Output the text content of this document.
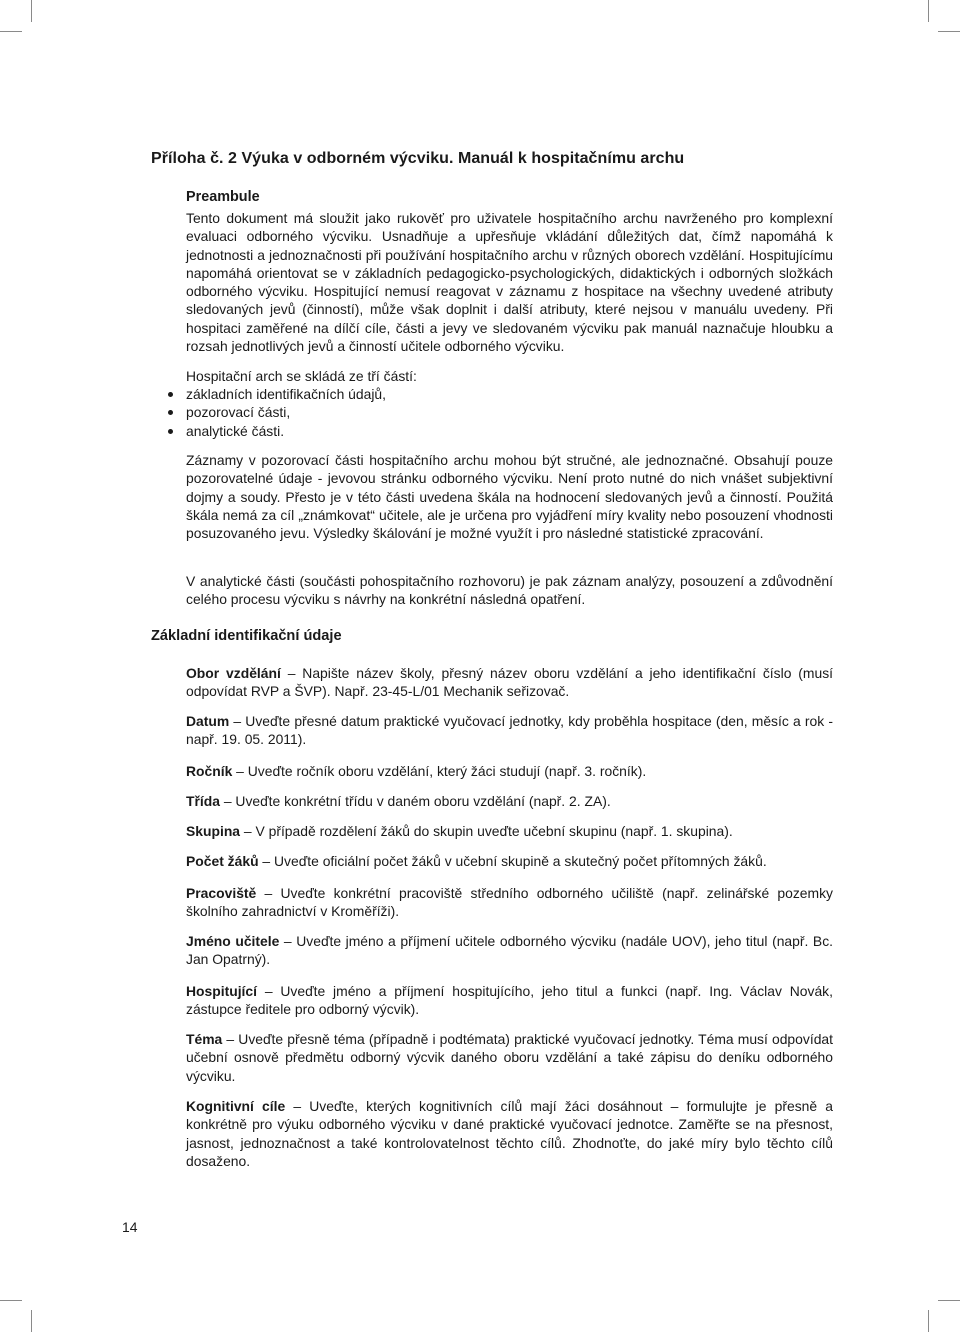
Příloha č. 2 Výuka v odborném výcviku. Manuál k hospitačnímu archu
Preambule

Tento dokument má sloužit jako rukověť pro uživatele hospitačního archu navrženého pro komplexní evaluaci odborného výcviku. Usnadňuje a upřesňuje vkládání důležitých dat, čímž napomáhá k jednotnosti a jednoznačnosti při používání hospitačního archu v různých oborech vzdělání. Hospitujícímu napomáhá orientovat se v základních pedagogicko-psychologických, didaktických i odborných složkách odborného výcviku. Hospitující nemusí reagovat v záznamu z hospitace na všechny uvedené atributy sledovaných jevů (činností), může však doplnit i další atributy, které nejsou v manuálu uvedeny. Při hospitaci zaměřené na dílčí cíle, části a jevy ve sledovaném výcviku pak manuál naznačuje hloubku a rozsah jednotlivých jevů a činností učitele odborného výcviku.

Hospitační arch se skládá ze tří částí:

základních identifikačních údajů,
pozorovací části,
analytické části.

Záznamy v pozorovací části hospitačního archu mohou být stručné, ale jednoznačné. Obsahují pouze pozorovatelné údaje - jevovou stránku odborného výcviku. Není proto nutné do nich vnášet subjektivní dojmy a soudy. Přesto je v této části uvedena škála na hodnocení sledovaných jevů a činností. Použitá škála nemá za cíl „známkovat“ učitele, ale je určena pro vyjádření míry kvality nebo posouzení vhodnosti posuzovaného jevu. Výsledky škálování je možné využít i pro následné statistické zpracování.

V analytické části (součásti pohospitačního rozhovoru) je pak záznam analýzy, posouzení a zdůvodnění celého procesu výcviku s návrhy na konkrétní následná opatření.

Základní identifikační údaje

Obor vzdělání – Napište název školy, přesný název oboru vzdělání a jeho identifikační číslo (musí odpovídat RVP a ŠVP). Např. 23-45-L/01 Mechanik seřizovač.

Datum – Uveďte přesné datum praktické vyučovací jednotky, kdy proběhla hospitace (den, měsíc a rok - např. 19. 05. 2011).

Ročník – Uveďte ročník oboru vzdělání, který žáci studují (např. 3. ročník).

Třída – Uveďte konkrétní třídu v daném oboru vzdělání (např. 2. ZA).

Skupina – V případě rozdělení žáků do skupin uveďte učební skupinu (např. 1. skupina).

Počet žáků – Uveďte oficiální počet žáků v učební skupině a skutečný počet přítomných žáků.

Pracoviště – Uveďte konkrétní pracoviště středního odborného učiliště (např. zelinářské pozemky školního zahradnictví v Kroměříži).

Jméno učitele – Uveďte jméno a příjmení učitele odborného výcviku (nadále UOV), jeho titul (např. Bc. Jan Opatrný).

Hospitující – Uveďte jméno a příjmení hospitujícího, jeho titul a funkci (např. Ing. Václav Novák, zástupce ředitele pro odborný výcvik).

Téma – Uveďte přesně téma (případně i podtémata) praktické vyučovací jednotky. Téma musí odpovídat učební osnově předmětu odborný výcvik daného oboru vzdělání a také zápisu do deníku odborného výcviku.

Kognitivní cíle – Uveďte, kterých kognitivních cílů mají žáci dosáhnout – formulujte je přesně a konkrétně pro výuku odborného výcviku v dané praktické vyučovací jednotce. Zaměřte se na přesnost, jasnost, jednoznačnost a také kontrolovatelnost těchto cílů. Zhodnoťte, do jaké míry bylo těchto cílů dosaženo.

14
